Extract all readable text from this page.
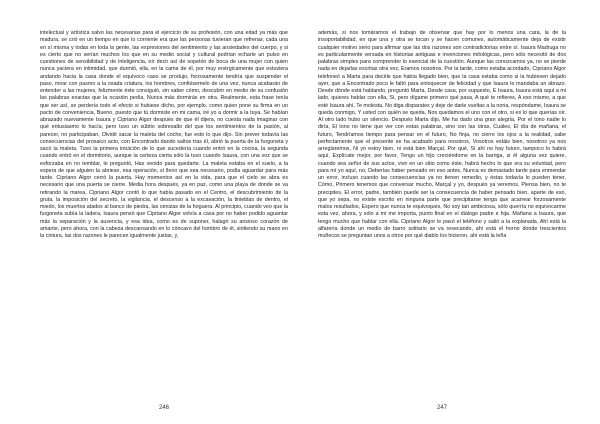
intelectual y artística salvo las necesarias para el ejercicio de su profesión, con una edad ya más que madura, se crió en un tiempo en que lo corriente era que las personas tuvieran que refrenar, cada una en sí misma y todas en toda la gente, las expresiones del sentimiento y las ansiedades del cuerpo, y si es cierto que no serían muchos los que en su medio social y cultural podrían echarle un pulso en cuestiones de sensibilidad y de inteligencia, oír decir así de sopetón de boca de una mujer con quien nunca yaciera en intimidad, que durmió, ella, en la cama de él, por muy enérgicamente que estuviera andando hacia la casa donde el equívoco caso se produjo, forzosamente tendría que suspender el paso, mirar con pasmo a la osada criatura, los hombres, confiésemelo de una vez, nunca acabarán de entender a las mujeres, felizmente éste consiguió, sin saber cómo, descubrir en medio de su confusión las palabras exactas que la ocasión pedía, Nunca más dormirás en otra. Realmente, esta frase tenía que ser así, se perdería todo el efecto si hubiese dicho, por ejemplo, como quien pone su firma en un pacto de conveniencia, Bueno, puesto que tú dormiste en mi cama, iré yo a dormir a la tuya. Se habían abrazado nuevamente Isaura y Cipriano Algor después de que él dijera, no cuesta nada imaginar con qué entusiasmo lo hacía, pero tuvo un súbito sobresalto del que los sentimientos de la pasión, al parecer, no participaban, Olvidé sacar la maleta del coche, fue esto lo que dijo. Sin prever todavía las consecuencias del prosaico acto, con Encontrado dando saltos tras él, abrió la puerta de la furgoneta y sacó la maleta. Tuvo la primera intuición de lo que sucedería cuando entró en la cocina, la segunda cuando entró en el dormitorio, aunque la certeza cierta sólo la tuvo cuando Isaura, con una voz que se esforzaba en no temblar, le preguntó, Has venido para quedarte. La maleta estaba en el suelo, a la espera de que alguien la abriese, esa operación, sí lleno que sea necesario, podía aguardar para más tarde. Cipriano Algor cerró la puerta. Hay momentos así en la vida, para que el cielo se abra es necesario que una puerta se cierre. Media hora después, ya en paz, como una playa de donde se va retirando la marea, Cipriano Algor contó lo que había pasado en el Centro, el descubrimiento de la gruta, la imposición del secreto, la vigilancia, el descenso a la excavación, la tinieblas de dentro, el miedo, los muertos atados al banco de piedra, las cenizas de la hoguera. Al principio, cuando veo que la furgoneta subía la ladera, Isaura pensó que Cipriano Algor volvía a casa por no haber podido aguantar más la separación y la ausencia, y esa idea, como es de suponer, halagó su ansioso corazón de amante, pero ahora, con la cabeza descansando en lo cóncavo del hombro de él, sintiendo su mano en la cintura, las dos razones le parecen igualmente justas, y,

246

además, si nos tomáramos el trabajo de observar que hay por lo menos una cara, la de la insoportabilidad, en que una y otra se tocan y se hacen comunes, automáticamente deja de existir cualquier motivo serio para afirmar que las dos razones son contradictorias entre sí. Isaura Madruga no es particularmente versada en historias antiguas e invenciones mitológicas, pero sólo necesitó de dos palabras simples para comprender lo esencial de la cuestión. Aunque las conozcamos ya, no se pierde nada en dejarlas escritas otra vez, Eramos nosotros. Por la tarde, como estaba acordado, Cipriano Algor telefoneó a Marta para decirle que había llegado bien, que la casa estaba como si la hubiesen dejado ayer, que a Encontrado poco le faltó para enloquecer de felicidad y que Isaura le mandaba un abrazo. Desde dónde está hablando, preguntó Marta, Desde casa, por supuesto, E Isaura, Isaura está aquí a mi lado, quieres hablar con ella, Sí, pero dígame primero qué pasa, A qué te refieres, A eso mismo, a que esté Isaura ahí, Te molesta, No diga disparates y deje de darle vueltas a la noria, respóndame, Isaura se queda conmigo, Y usted con quién se queda, Nos quedamos el uno con el otro, si es lo que querías oír. Al otro lado hubo un silencio. Después Marta dijo, Me ha dado una gran alegría, Por el tono nadie lo diría, El tono no tiene que ver con estas palabras, sino con las otras, Cuáles, El día de mañana, el futuro, Tendríamos tiempo para pensar en el futuro, No finja, no cierre los ojos a la realidad, sabe perfectamente que el presente se ha acabado para nosotros, Vosotros estáis bien, nosotros ya nos arreglaremos, Ni yo estoy bien, ni está bien Marçal, Por qué, Si ahí no hay futuro, tampoco lo habrá aquí, Explícate mejor, por favor, Tengo un hijo creciéndome en la barriga, si él alguna vez quiere, cuando sea señor de sus actos, vivir en un sitio como éste, habrá hecho lo que era su voluntad, pero para mí yo aquí, no, Deberías haber pensado en eso antes, Nunca es demasiado tarde para enmendar un error, incluso cuando las consecuencias ya no tienen remedio, y éstas todavía lo pueden tener, Cómo, Primero tenemos que conversar mucho, Marçal y yo, después ya veremos, Piensa bien, no te precipites, El error, padre, también puede ser la consecuencia de haber pensado bien, aparte de eso, que yo sepa, no existe escrito en ninguna parte que precipitarse tenga que acarrear forzosamente malos resultados, Espero que nunca te equivoques, No soy tan ambiciosa, sólo querría no equivocarme esta vez, ahora, y sólo a mí me importa, punto final en el diálogo padre e hija. Mañana a Isaura, que tengo mucho que hablar con ella. Cipriano Algor le pasó el teléfono y salió a la explanada. Ahí está la alfarería donde un medio de barro solitario se va resecando, ahí está el horno donde trescientos muñecos se preguntan unos a otros por qué diablo los hicieron, ahí está la leña

247
